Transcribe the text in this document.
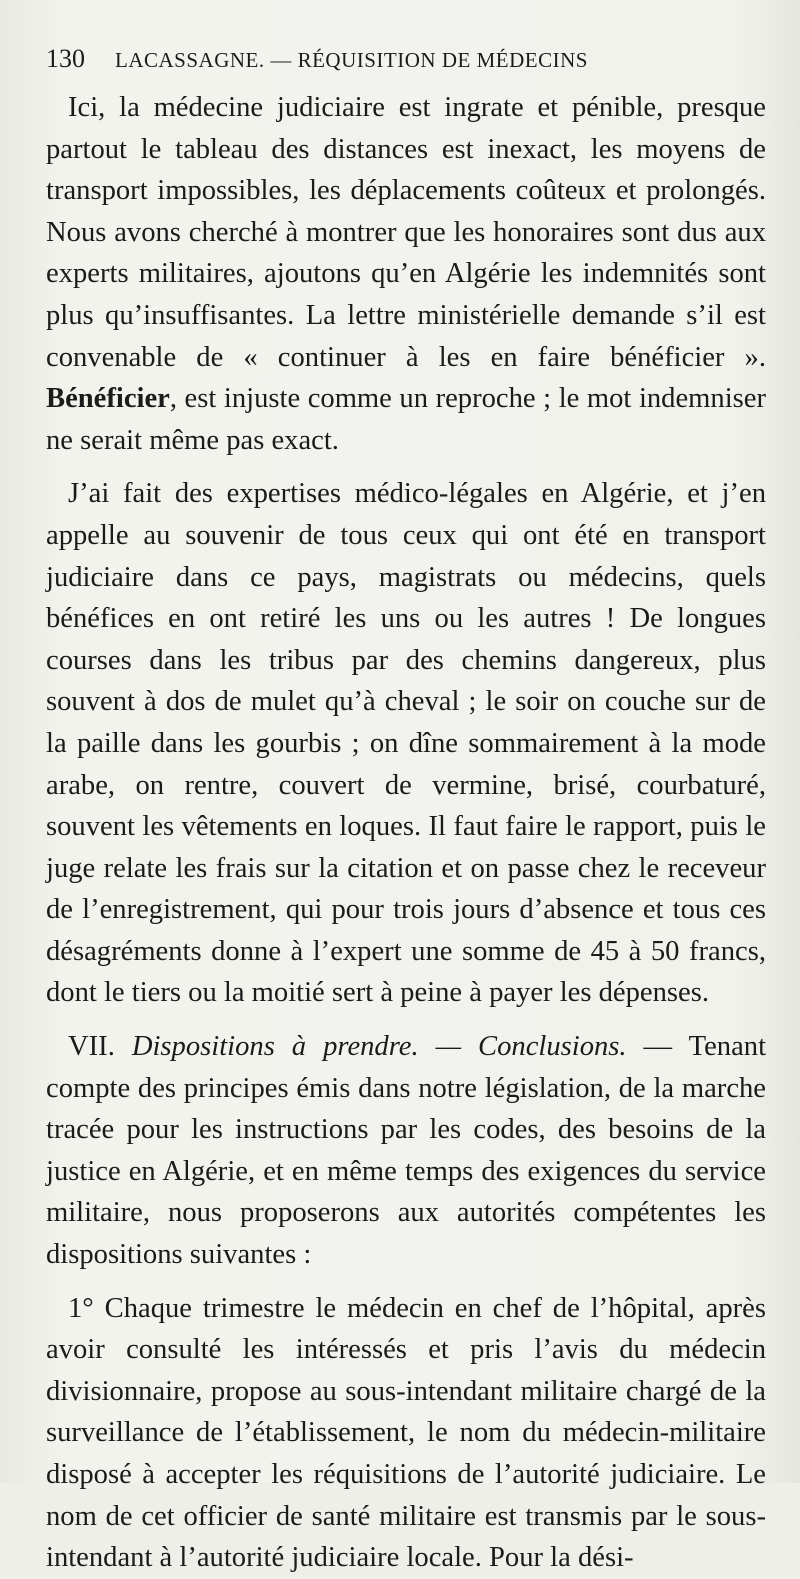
130 LACASSAGNE. — RÉQUISITION DE MÉDECINS

Ici, la médecine judiciaire est ingrate et pénible, presque partout le tableau des distances est inexact, les moyens de transport impossibles, les déplacements coûteux et prolongés. Nous avons cherché à montrer que les honoraires sont dus aux experts militaires, ajoutons qu’en Algérie les indemnités sont plus qu’insuffisantes. La lettre ministérielle demande s’il est convenable de « continuer à les en faire bénéficier ». Bénéficier, est injuste comme un reproche ; le mot indemniser ne serait même pas exact.

J’ai fait des expertises médico-légales en Algérie, et j’en appelle au souvenir de tous ceux qui ont été en transport judiciaire dans ce pays, magistrats ou médecins, quels bénéfices en ont retiré les uns ou les autres ! De longues courses dans les tribus par des chemins dangereux, plus souvent à dos de mulet qu’à cheval ; le soir on couche sur de la paille dans les gourbis ; on dîne sommairement à la mode arabe, on rentre, couvert de vermine, brisé, courbaturé, souvent les vêtements en loques. Il faut faire le rapport, puis le juge relate les frais sur la citation et on passe chez le receveur de l’enregistrement, qui pour trois jours d’absence et tous ces désagréments donne à l’expert une somme de 45 à 50 francs, dont le tiers ou la moitié sert à peine à payer les dépenses.

VII. Dispositions à prendre. — Conclusions. — Tenant compte des principes émis dans notre législation, de la marche tracée pour les instructions par les codes, des besoins de la justice en Algérie, et en même temps des exigences du service militaire, nous proposerons aux autorités compétentes les dispositions suivantes :

1° Chaque trimestre le médecin en chef de l’hôpital, après avoir consulté les intéressés et pris l’avis du médecin divisionnaire, propose au sous-intendant militaire chargé de la surveillance de l’établissement, le nom du médecin-militaire disposé à accepter les réquisitions de l’autorité judiciaire. Le nom de cet officier de santé militaire est transmis par le sous-intendant à l’autorité judiciaire locale. Pour la dési-
